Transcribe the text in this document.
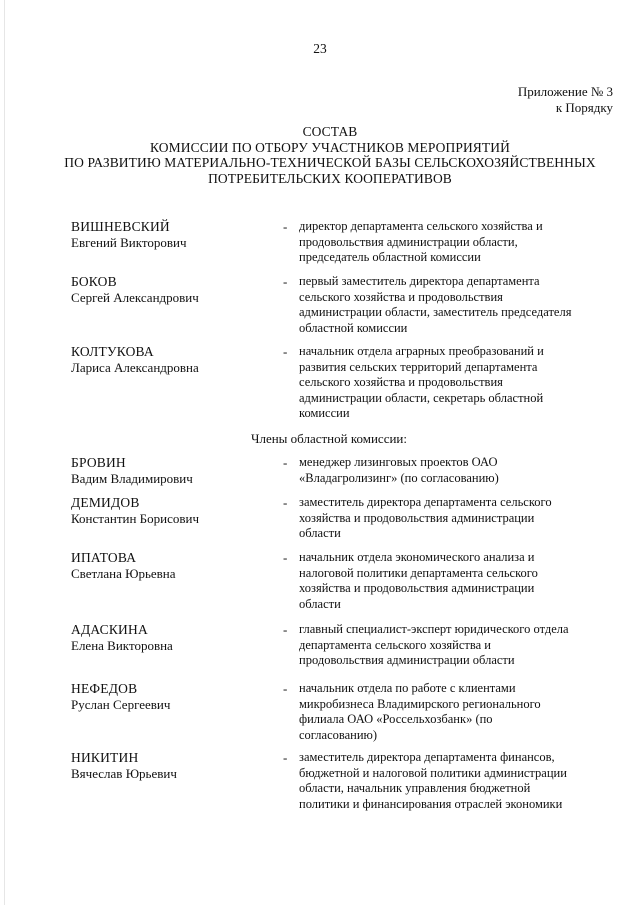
23
Приложение № 3
к Порядку
СОСТАВ
КОМИССИИ ПО ОТБОРУ УЧАСТНИКОВ МЕРОПРИЯТИЙ
ПО РАЗВИТИЮ МАТЕРИАЛЬНО-ТЕХНИЧЕСКОЙ БАЗЫ СЕЛЬСКОХОЗЯЙСТВЕННЫХ
ПОТРЕБИТЕЛЬСКИХ КООПЕРАТИВОВ
ВИШНЕВСКИЙ
Евгений Викторович
- директор департамента сельского хозяйства и
продовольствия администрации области,
председатель областной комиссии
БОКОВ
Сергей Александрович
- первый заместитель директора департамента
сельского хозяйства и продовольствия
администрации области, заместитель председателя
областной комиссии
КОЛТУКОВА
Лариса Александровна
- начальник отдела аграрных преобразований и
развития сельских территорий департамента
сельского хозяйства и продовольствия
администрации области, секретарь областной
комиссии
Члены областной комиссии:
БРОВИН
Вадим Владимирович
- менеджер лизинговых проектов ОАО
«Владагролизинг» (по согласованию)
ДЕМИДОВ
Константин Борисович
- заместитель директора департамента сельского
хозяйства и продовольствия администрации
области
ИПАТОВА
Светлана Юрьевна
- начальник отдела экономического анализа и
налоговой политики департамента сельского
хозяйства и продовольствия администрации
области
АДАСКИНА
Елена Викторовна
- главный специалист-эксперт юридического отдела
департамента сельского хозяйства и
продовольствия администрации области
НЕФЕДОВ
Руслан Сергеевич
- начальник отдела по работе с клиентами
микробизнеса Владимирского регионального
филиала ОАО «Россельхозбанк» (по
согласованию)
НИКИТИН
Вячеслав Юрьевич
- заместитель директора департамента финансов,
бюджетной и налоговой политики администрации
области, начальник управления бюджетной
политики и финансирования отраслей экономики
